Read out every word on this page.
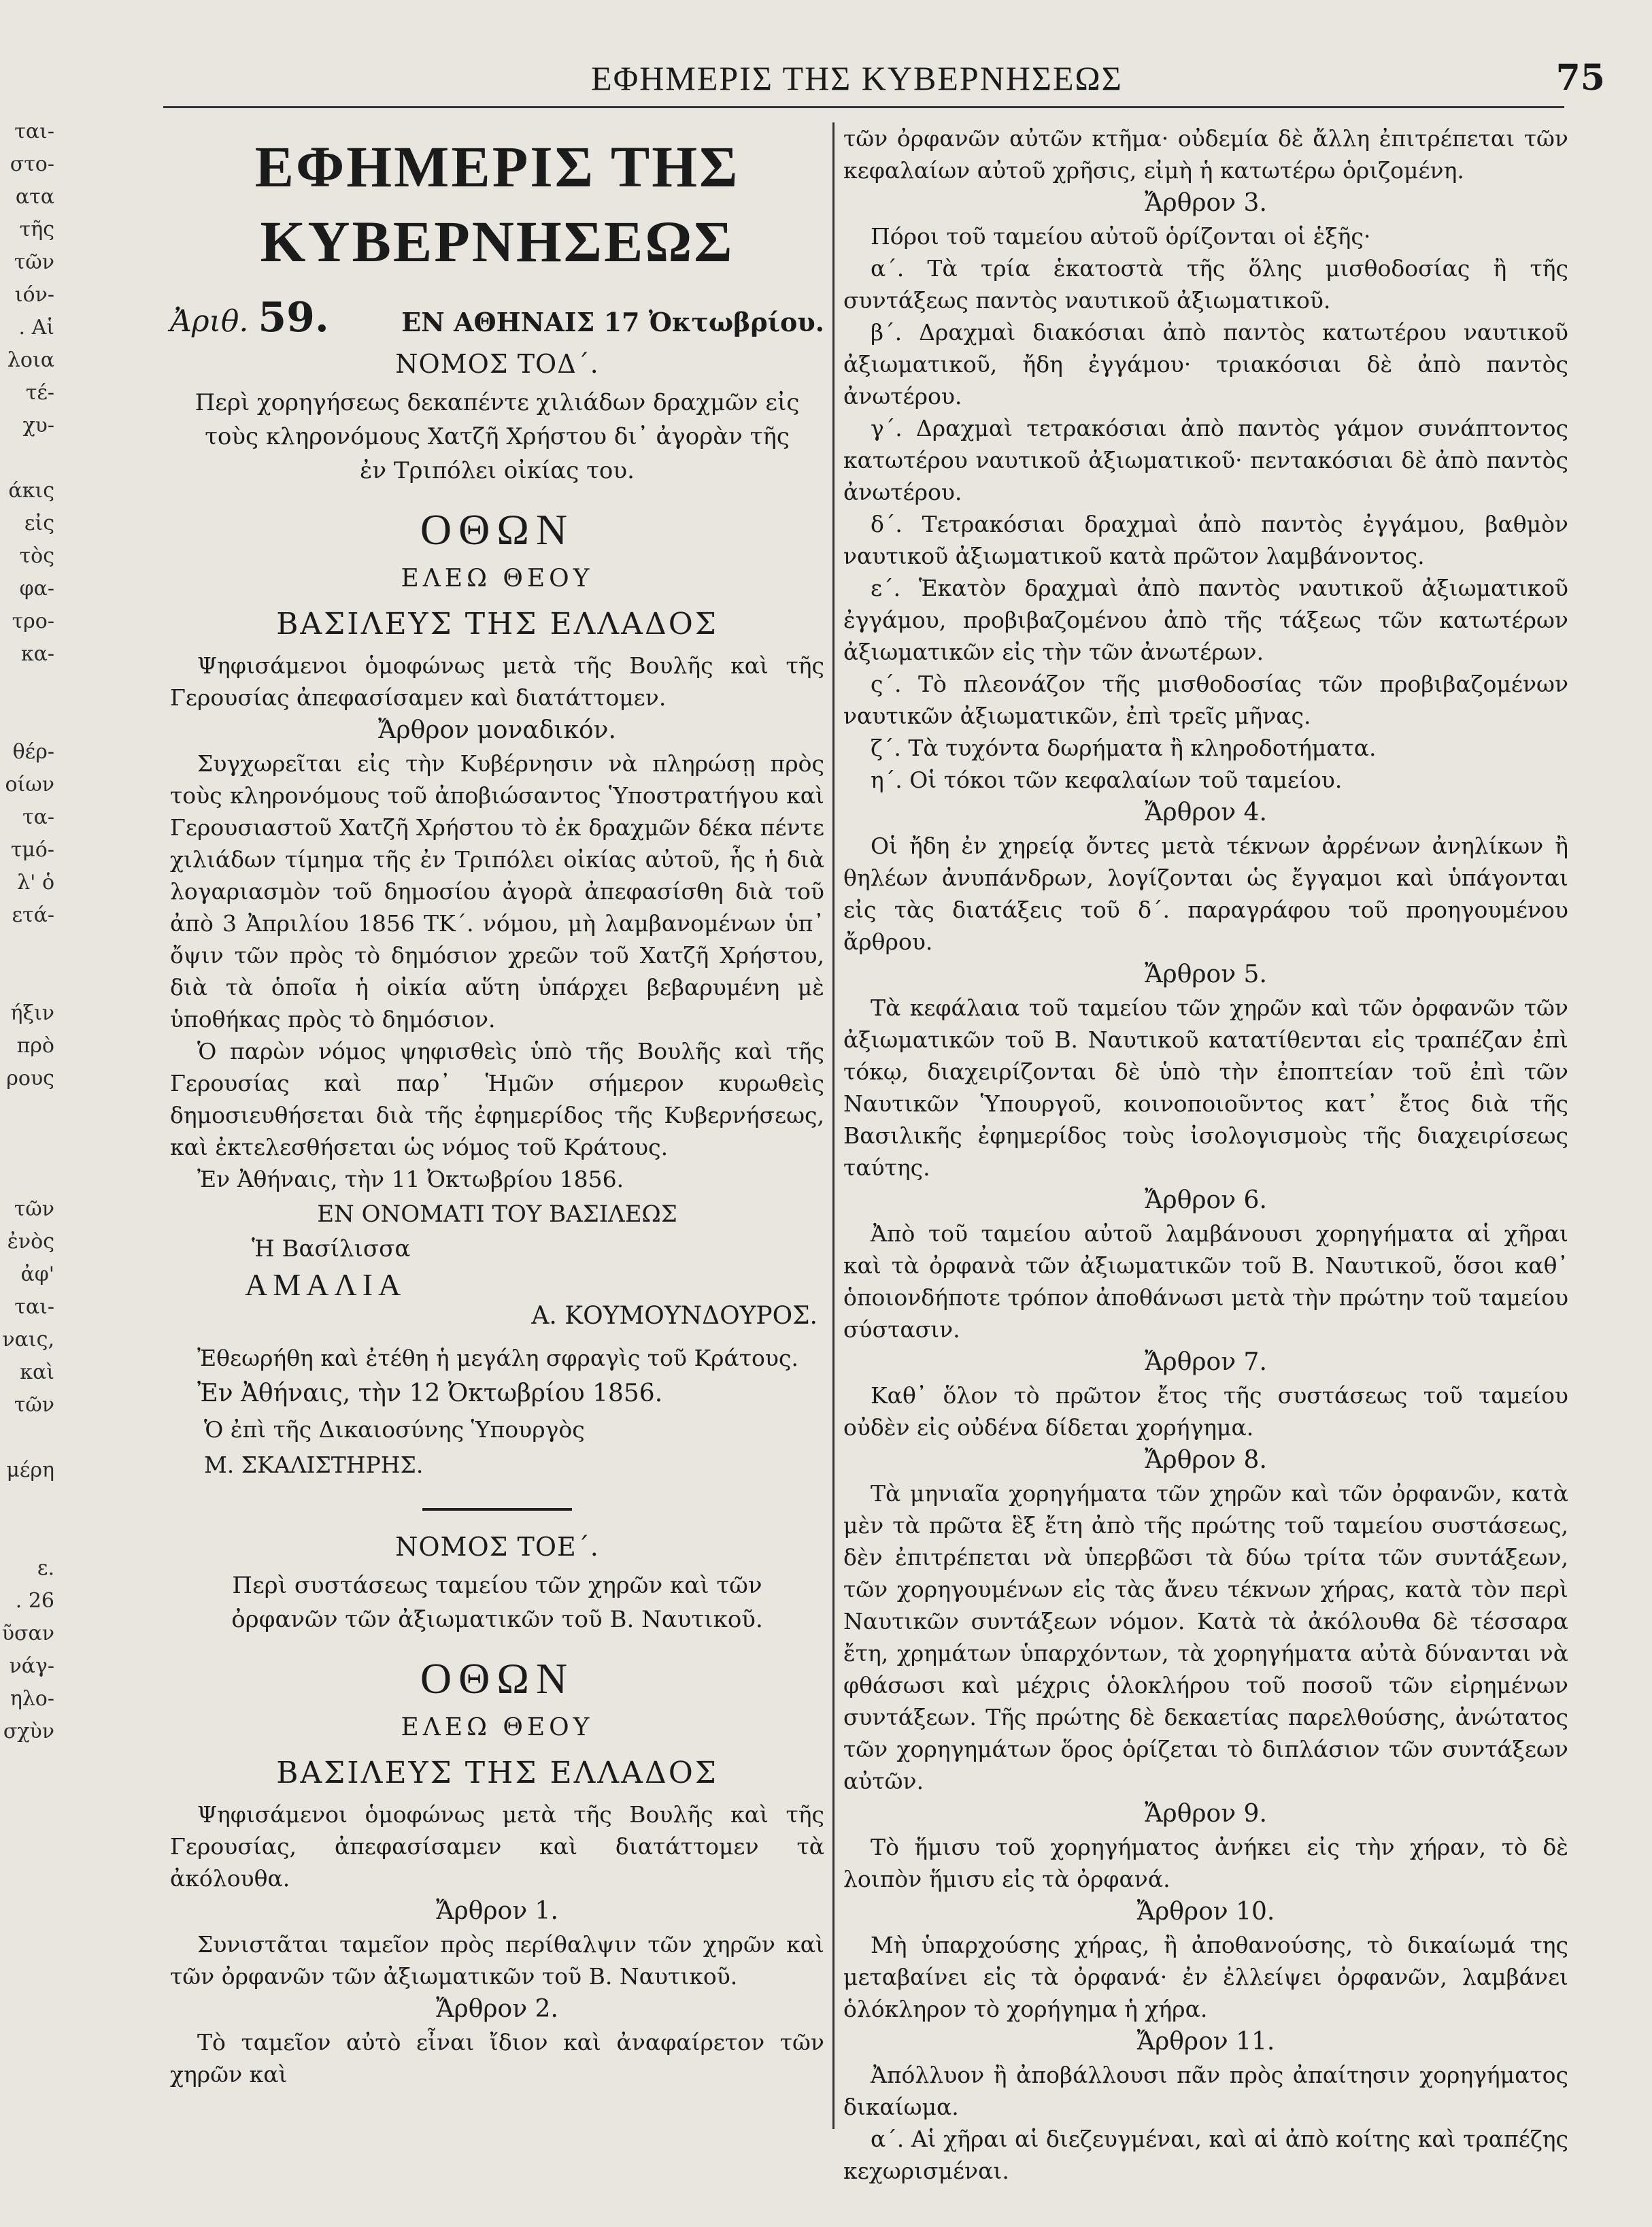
ται-
στο-
ατα
τῆς
τῶν
ιόν-
. Αἱ
λοια
τέ-
χυ-
άκις
εἰς
τὸς
φα-
τρο-
κα-
θέρ-
οίων
τα-
τμό-
λ' ὁ
ετά-
ήξιν
πρὸ
ρους
τῶν
ἐνὸς
ἀφ'
ται-
ναις,
καὶ
τῶν
μέρη
ε.
. 26
ῦσαν
νάγ-
ηλο-
σχὺν
ΕΦΗΜΕΡΙΣ ΤΗΣ ΚΥΒΕΡΝΗΣΕΩΣ	75
ΕΦΗΜΕΡΙΣ ΤΗΣ ΚΥΒΕΡΝΗΣΕΩΣ
Ἀριθ. 59.	ΕΝ ΑΘΗΝΑΙΣ 17 Ὀκτωβρίου.
ΝΟΜΟΣ ΤΟΔ΄.
Περὶ χορηγήσεως δεκαπέντε χιλιάδων δραχμῶν εἰς τοὺς κληρονόμους Χατζῆ Χρήστου δι᾽ ἀγορὰν τῆς ἐν Τριπόλει οἰκίας του.
ΟΘΩΝ
ΕΛΕΩ ΘΕΟΥ
ΒΑΣΙΛΕΥΣ ΤΗΣ ΕΛΛΑΔΟΣ

Ψηφισάμενοι ὁμοφώνως μετὰ τῆς Βουλῆς καὶ τῆς Γερουσίας ἀπεφασίσαμεν καὶ διατάττομεν.

Ἄρθρον μοναδικόν.

Συγχωρεῖται εἰς τὴν Κυβέρνησιν νὰ πληρώσῃ πρὸς τοὺς κληρονόμους τοῦ ἀποβιώσαντος Ὑποστρατήγου καὶ Γερουσιαστοῦ Χατζῆ Χρήστου τὸ ἐκ δραχμῶν δέκα πέντε χιλιάδων τίμημα τῆς ἐν Τριπόλει οἰκίας αὐτοῦ, ἧς ἡ διὰ λογαριασμὸν τοῦ δημοσίου ἀγορὰ ἀπεφασίσθη διὰ τοῦ ἀπὸ 3 Ἀπριλίου 1856 ΤΚ΄. νόμου, μὴ λαμβανομένων ὑπ᾽ ὄψιν τῶν πρὸς τὸ δημόσιον χρεῶν τοῦ Χατζῆ Χρήστου, διὰ τὰ ὁποῖα ἡ οἰκία αὕτη ὑπάρχει βεβαρυμένη μὲ ὑποθήκας πρὸς τὸ δημόσιον.

Ὁ παρὼν νόμος ψηφισθεὶς ὑπὸ τῆς Βουλῆς καὶ τῆς Γερουσίας καὶ παρ᾽ Ἡμῶν σήμερον κυρωθεὶς δημοσιευθήσεται διὰ τῆς ἐφημερίδος τῆς Κυβερνήσεως, καὶ ἐκτελεσθήσεται ὡς νόμος τοῦ Κράτους.

Ἐν Ἀθήναις, τὴν 11 Ὀκτωβρίου 1856.

ΕΝ ΟΝΟΜΑΤΙ ΤΟΥ ΒΑΣΙΛΕΩΣ
Ἡ Βασίλισσα
ΑΜΑΛΙΑ
Α. ΚΟΥΜΟΥΝΔΟΥΡΟΣ.

Ἐθεωρήθη καὶ ἐτέθη ἡ μεγάλη σφραγὶς τοῦ Κράτους.

Ἐν Ἀθήναις, τὴν 12 Ὀκτωβρίου 1856.

Ὁ ἐπὶ τῆς Δικαιοσύνης Ὑπουργὸς

Μ. ΣΚΑΛΙΣΤΗΡΗΣ.

ΝΟΜΟΣ ΤΟΕ΄.
Περὶ συστάσεως ταμείου τῶν χηρῶν καὶ τῶν ὀρφανῶν τῶν ἀξιωματικῶν τοῦ Β. Ναυτικοῦ.
ΟΘΩΝ
ΕΛΕΩ ΘΕΟΥ
ΒΑΣΙΛΕΥΣ ΤΗΣ ΕΛΛΑΔΟΣ

Ψηφισάμενοι ὁμοφώνως μετὰ τῆς Βουλῆς καὶ τῆς Γερουσίας, ἀπεφασίσαμεν καὶ διατάττομεν τὰ ἀκόλουθα.

Ἄρθρον 1.

Συνιστᾶται ταμεῖον πρὸς περίθαλψιν τῶν χηρῶν καὶ τῶν ὀρφανῶν τῶν ἀξιωματικῶν τοῦ Β. Ναυτικοῦ.

Ἄρθρον 2.

Τὸ ταμεῖον αὐτὸ εἶναι ἴδιον καὶ ἀναφαίρετον τῶν χηρῶν καὶ

τῶν ὀρφανῶν αὐτῶν κτῆμα· οὐδεμία δὲ ἄλλη ἐπιτρέπεται τῶν κεφαλαίων αὐτοῦ χρῆσις, εἰμὴ ἡ κατωτέρω ὁριζομένη.

Ἄρθρον 3.

Πόροι τοῦ ταμείου αὐτοῦ ὁρίζονται οἱ ἑξῆς·

α΄. Τὰ τρία ἑκατοστὰ τῆς ὅλης μισθοδοσίας ἢ τῆς συντάξεως παντὸς ναυτικοῦ ἀξιωματικοῦ.

β΄. Δραχμαὶ διακόσιαι ἀπὸ παντὸς κατωτέρου ναυτικοῦ ἀξιωματικοῦ, ἤδη ἐγγάμου· τριακόσιαι δὲ ἀπὸ παντὸς ἀνωτέρου.

γ΄. Δραχμαὶ τετρακόσιαι ἀπὸ παντὸς γάμον συνάπτοντος κατωτέρου ναυτικοῦ ἀξιωματικοῦ· πεντακόσιαι δὲ ἀπὸ παντὸς ἀνωτέρου.

δ΄. Τετρακόσιαι δραχμαὶ ἀπὸ παντὸς ἐγγάμου, βαθμὸν ναυτικοῦ ἀξιωματικοῦ κατὰ πρῶτον λαμβάνοντος.

ε΄. Ἑκατὸν δραχμαὶ ἀπὸ παντὸς ναυτικοῦ ἀξιωματικοῦ ἐγγάμου, προβιβαζομένου ἀπὸ τῆς τάξεως τῶν κατωτέρων ἀξιωματικῶν εἰς τὴν τῶν ἀνωτέρων.

ς΄. Τὸ πλεονάζον τῆς μισθοδοσίας τῶν προβιβαζομένων ναυτικῶν ἀξιωματικῶν, ἐπὶ τρεῖς μῆνας.

ζ΄. Τὰ τυχόντα δωρήματα ἢ κληροδοτήματα.

η΄. Οἱ τόκοι τῶν κεφαλαίων τοῦ ταμείου.

Ἄρθρον 4.

Οἱ ἤδη ἐν χηρείᾳ ὄντες μετὰ τέκνων ἀρρένων ἀνηλίκων ἢ θηλέων ἀνυπάνδρων, λογίζονται ὡς ἔγγαμοι καὶ ὑπάγονται εἰς τὰς διατάξεις τοῦ δ΄. παραγράφου τοῦ προηγουμένου ἄρθρου.

Ἄρθρον 5.

Τὰ κεφάλαια τοῦ ταμείου τῶν χηρῶν καὶ τῶν ὀρφανῶν τῶν ἀξιωματικῶν τοῦ Β. Ναυτικοῦ κατατίθενται εἰς τραπέζαν ἐπὶ τόκῳ, διαχειρίζονται δὲ ὑπὸ τὴν ἐποπτείαν τοῦ ἐπὶ τῶν Ναυτικῶν Ὑπουργοῦ, κοινοποιοῦντος κατ᾽ ἔτος διὰ τῆς Βασιλικῆς ἐφημερίδος τοὺς ἰσολογισμοὺς τῆς διαχειρίσεως ταύτης.

Ἄρθρον 6.

Ἀπὸ τοῦ ταμείου αὐτοῦ λαμβάνουσι χορηγήματα αἱ χῆραι καὶ τὰ ὀρφανὰ τῶν ἀξιωματικῶν τοῦ Β. Ναυτικοῦ, ὅσοι καθ᾽ ὁποιονδήποτε τρόπον ἀποθάνωσι μετὰ τὴν πρώτην τοῦ ταμείου σύστασιν.

Ἄρθρον 7.

Καθ᾽ ὅλον τὸ πρῶτον ἔτος τῆς συστάσεως τοῦ ταμείου οὐδὲν εἰς οὐδένα δίδεται χορήγημα.

Ἄρθρον 8.

Τὰ μηνιαῖα χορηγήματα τῶν χηρῶν καὶ τῶν ὀρφανῶν, κατὰ μὲν τὰ πρῶτα ἓξ ἔτη ἀπὸ τῆς πρώτης τοῦ ταμείου συστάσεως, δὲν ἐπιτρέπεται νὰ ὑπερβῶσι τὰ δύω τρίτα τῶν συντάξεων, τῶν χορηγουμένων εἰς τὰς ἄνευ τέκνων χήρας, κατὰ τὸν περὶ Ναυτικῶν συντάξεων νόμον. Κατὰ τὰ ἀκόλουθα δὲ τέσσαρα ἔτη, χρημάτων ὑπαρχόντων, τὰ χορηγήματα αὐτὰ δύνανται νὰ φθάσωσι καὶ μέχρις ὁλοκλήρου τοῦ ποσοῦ τῶν εἰρημένων συντάξεων. Τῆς πρώτης δὲ δεκαετίας παρελθούσης, ἀνώτατος τῶν χορηγημάτων ὅρος ὁρίζεται τὸ διπλάσιον τῶν συντάξεων αὐτῶν.

Ἄρθρον 9.

Τὸ ἥμισυ τοῦ χορηγήματος ἀνήκει εἰς τὴν χήραν, τὸ δὲ λοιπὸν ἥμισυ εἰς τὰ ὀρφανά.

Ἄρθρον 10.

Μὴ ὑπαρχούσης χήρας, ἢ ἀποθανούσης, τὸ δικαίωμά της μεταβαίνει εἰς τὰ ὀρφανά· ἐν ἐλλείψει ὀρφανῶν, λαμβάνει ὁλόκληρον τὸ χορήγημα ἡ χήρα.

Ἄρθρον 11.

Ἀπόλλυον ἢ ἀποβάλλουσι πᾶν πρὸς ἀπαίτησιν χορηγήματος δικαίωμα.

α΄. Αἱ χῆραι αἱ διεζευγμέναι, καὶ αἱ ἀπὸ κοίτης καὶ τραπέζης κεχωρισμέναι.
